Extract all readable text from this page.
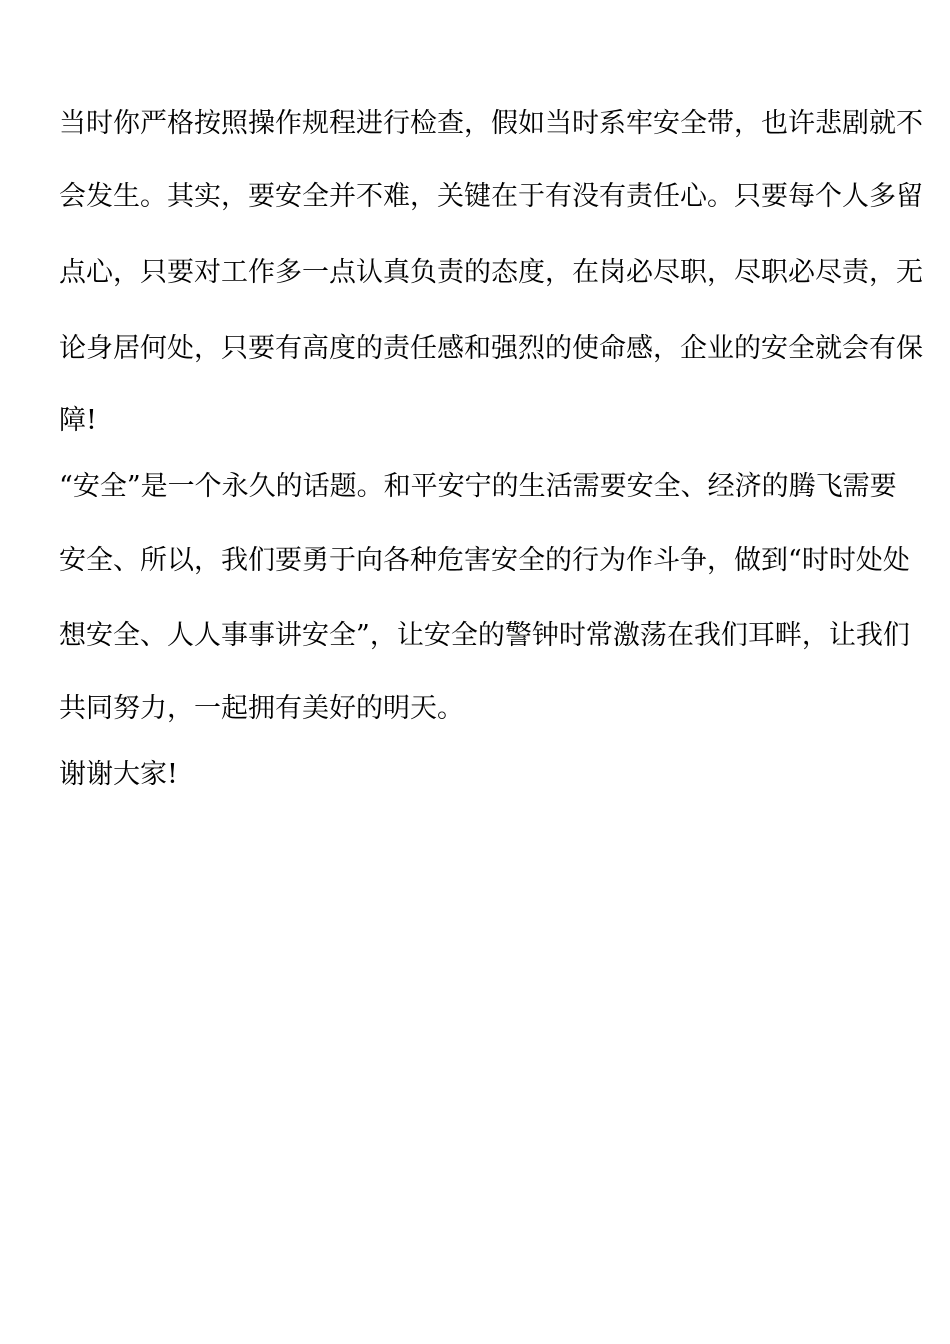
当 时 你 严 格 按 照 操 作 规 程 进 行 检 查 ， 假 如 当 时 系 牢 安 全 带 ， 也 许 悲 剧 就 不
会 发 生 。 其 实 ， 要 安 全 并 不 难 ， 关 键 在 于 有 没 有 责 任 心 。 只 要 每 个 人 多 留
点 心 ， 只 要 对 工 作 多 一 点 认 真 负 责 的 态 度 ， 在 岗 必 尽 职 ， 尽 职 必 尽 责 ， 无
论 身 居 何 处 ， 只 要 有 高 度 的 责 任 感 和 强 烈 的 使 命 感 ， 企 业 的 安 全 就 会 有 保
障!
“ 安 全 ” 是 一 个 永 久 的 话 题 。 和 平 安 宁 的 生 活 需 要 安 全 、 经 济 的 腾 飞 需 要
安 全 、 所 以 ， 我 们 要 勇 于 向 各 种 危 害 安 全 的 行 为 作 斗 争 ， 做 到 “ 时 时 处 处
想 安 全 、 人 人 事 事 讲 安 全 ” ， 让 安 全 的 警 钟 时 常 激 荡 在 我 们 耳 畔 ， 让 我 们
共同努力，一起拥有美好的明天。
谢谢大家!
